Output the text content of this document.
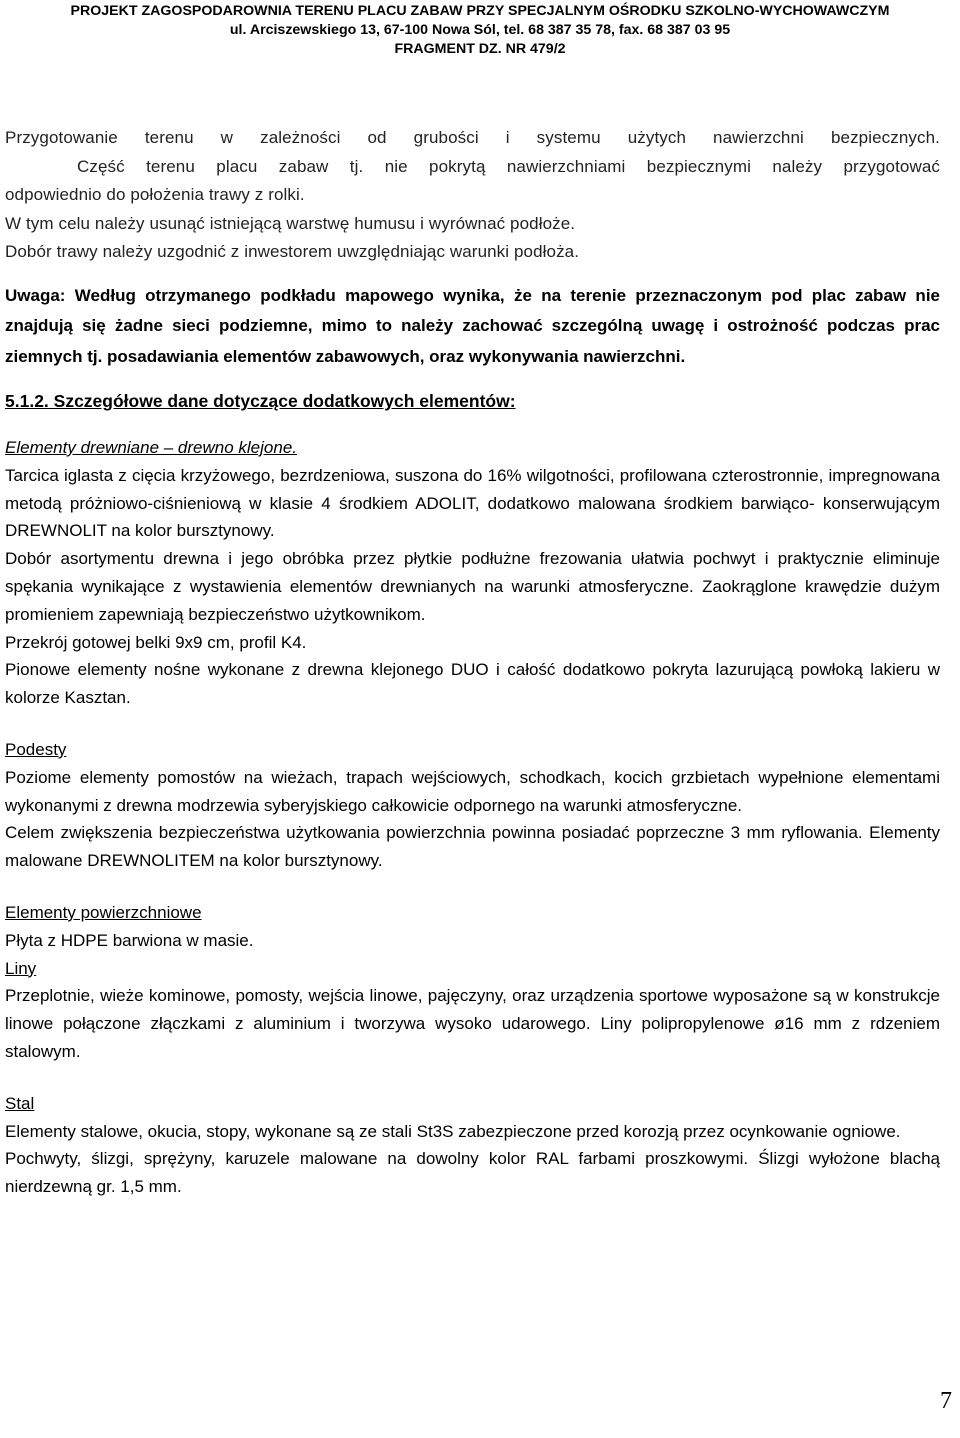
PROJEKT ZAGOSPODAROWNIA TERENU PLACU ZABAW PRZY SPECJALNYM OŚRODKU SZKOLNO-WYCHOWAWCZYM
ul. Arciszewskiego 13, 67-100 Nowa Sól, tel. 68 387 35 78, fax. 68 387 03 95
FRAGMENT DZ. NR 479/2
Przygotowanie terenu w zależności od grubości i systemu użytych nawierzchni bezpiecznych.
Część terenu placu zabaw tj. nie pokrytą nawierzchniami bezpiecznymi należy przygotować
odpowiednio do położenia trawy z rolki.
W tym celu należy usunąć istniejącą warstwę humusu i wyrównać podłoże.
Dobór trawy należy uzgodnić z inwestorem uwzględniając warunki podłoża.
Uwaga: Według otrzymanego podkładu mapowego wynika, że na terenie przeznaczonym pod plac zabaw nie znajdują się żadne sieci podziemne, mimo to należy zachować szczególną uwagę i ostrożność podczas prac ziemnych tj. posadawiania elementów zabawowych, oraz wykonywania nawierzchni.
5.1.2. Szczegółowe dane dotyczące dodatkowych elementów:

Elementy drewniane – drewno klejone.

Tarcica iglasta z cięcia krzyżowego, bezrdzeniowa, suszona do 16% wilgotności, profilowana czterostronnie, impregnowana metodą próżniowo-ciśnieniową w klasie 4 środkiem ADOLIT, dodatkowo malowana środkiem barwiąco- konserwującym DREWNOLIT na kolor bursztynowy.

Dobór asortymentu drewna i jego obróbka przez płytkie podłużne frezowania ułatwia pochwyt i praktycznie eliminuje spękania wynikające z wystawienia elementów drewnianych na warunki atmosferyczne. Zaokrąglone krawędzie dużym promieniem zapewniają bezpieczeństwo użytkownikom.

Przekrój gotowej belki 9x9 cm, profil K4.

Pionowe elementy nośne wykonane z drewna klejonego DUO i całość dodatkowo pokryta lazurującą powłoką lakieru w kolorze Kasztan.

Podesty

Poziome elementy pomostów na wieżach, trapach wejściowych, schodkach, kocich grzbietach wypełnione elementami wykonanymi z drewna modrzewia syberyjskiego całkowicie odpornego na warunki atmosferyczne.

Celem zwiększenia bezpieczeństwa użytkowania powierzchnia powinna posiadać poprzeczne 3 mm ryflowania. Elementy malowane DREWNOLITEM na kolor bursztynowy.

Elementy powierzchniowe

Płyta z HDPE barwiona w masie.

Liny

Przeplotnie, wieże kominowe, pomosty, wejścia linowe, pajęczyny, oraz urządzenia sportowe wyposażone są w konstrukcje linowe połączone złączkami z aluminium i tworzywa wysoko udarowego. Liny polipropylenowe ø16 mm z rdzeniem stalowym.

Stal

Elementy stalowe, okucia, stopy, wykonane są ze stali St3S zabezpieczone przed korozją przez ocynkowanie ogniowe.

Pochwyty, ślizgi, sprężyny, karuzele malowane na dowolny kolor RAL farbami proszkowymi. Ślizgi wyłożone blachą nierdzewną gr. 1,5 mm.

7
